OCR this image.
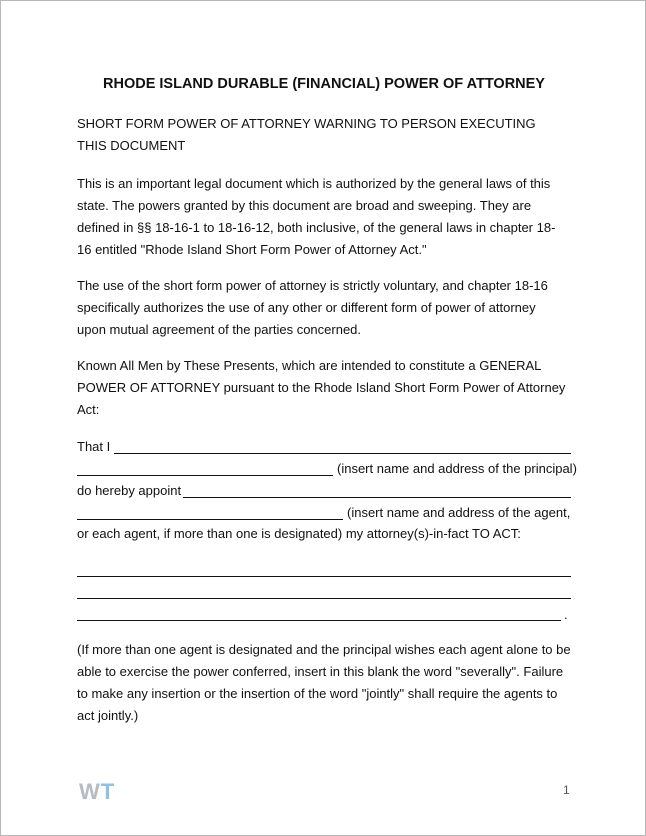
RHODE ISLAND DURABLE (FINANCIAL) POWER OF ATTORNEY
SHORT FORM POWER OF ATTORNEY WARNING TO PERSON EXECUTING THIS DOCUMENT
This is an important legal document which is authorized by the general laws of this state. The powers granted by this document are broad and sweeping. They are defined in §§ 18-16-1 to 18-16-12, both inclusive, of the general laws in chapter 18-16 entitled "Rhode Island Short Form Power of Attorney Act."
The use of the short form power of attorney is strictly voluntary, and chapter 18-16 specifically authorizes the use of any other or different form of power of attorney upon mutual agreement of the parties concerned.
Known All Men by These Presents, which are intended to constitute a GENERAL POWER OF ATTORNEY pursuant to the Rhode Island Short Form Power of Attorney Act:
That I
(insert name and address of the principal)
do hereby appoint
(insert name and address of the agent,
or each agent, if more than one is designated) my attorney(s)-in-fact TO ACT:
.
(If more than one agent is designated and the principal wishes each agent alone to be able to exercise the power conferred, insert in this blank the word "severally". Failure to make any insertion or the insertion of the word "jointly" shall require the agents to act jointly.)
WT	1
